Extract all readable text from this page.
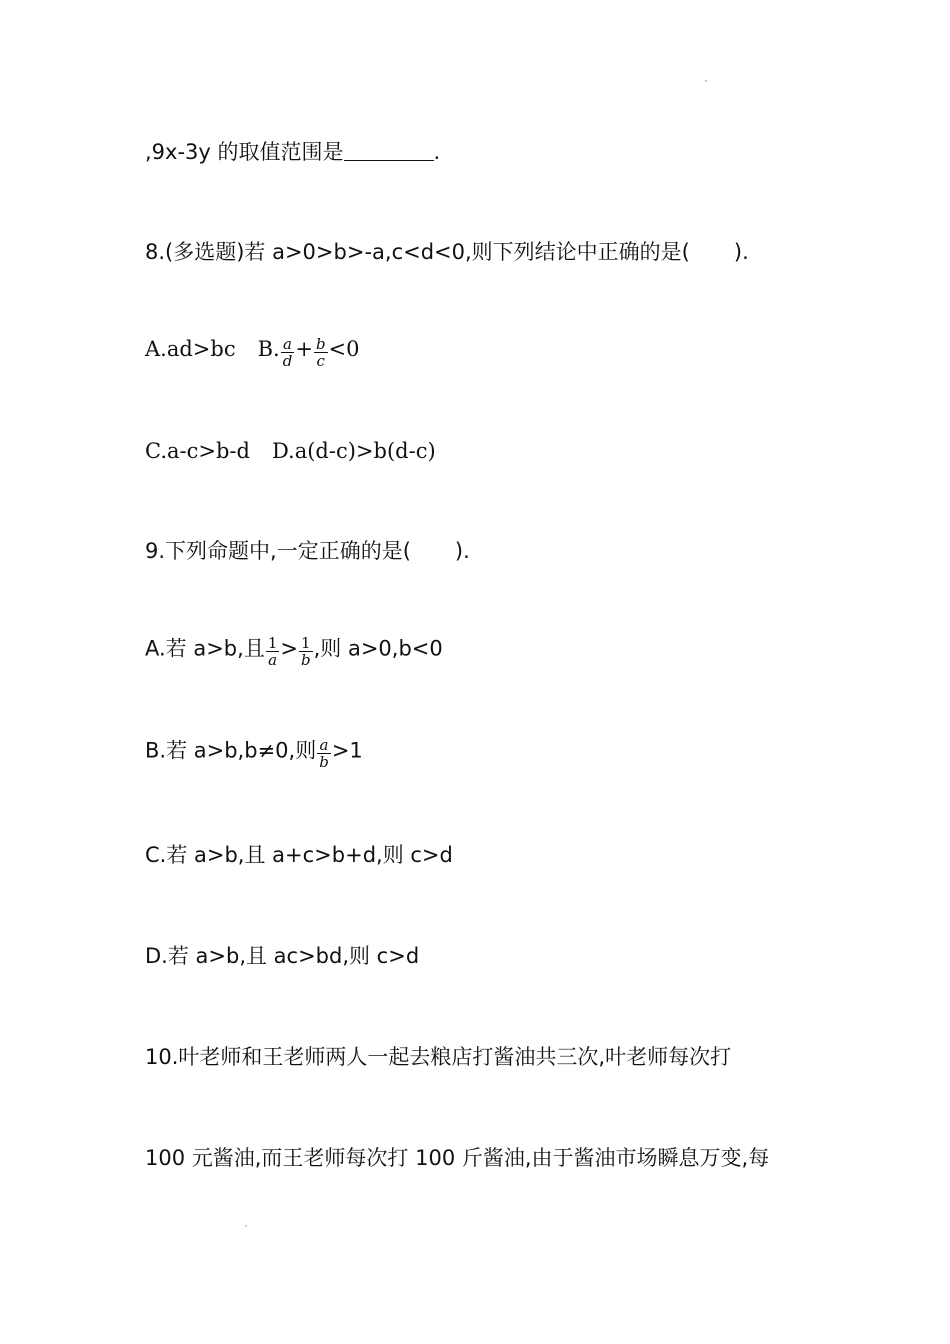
,9x-3y 的取值范围是	.
8.(多选题)若 a>0>b>-a,c<d<0,则下列结论中正确的是( ).
A.ad>bc B. $\frac{a}{d} + \frac{b}{c} <0$
C.a-c>b-d D.a(d-c)>b(d-c)
9.下列命题中,一定正确的是( ).
A.若 a>b,且 $\frac{1}{a} > \frac{1}{b}$ ,则 a>0,b<0
B.若 a>b,b≠0,则 $\frac{a}{b} >1$
C.若 a>b,且 a+c>b+d,则 c>d
D.若 a>b,且 ac>bd,则 c>d
10.叶老师和王老师两人一起去粮店打酱油共三次,叶老师每次打
100 元酱油,而王老师每次打 100 斤酱油,由于酱油市场瞬息万变,每
